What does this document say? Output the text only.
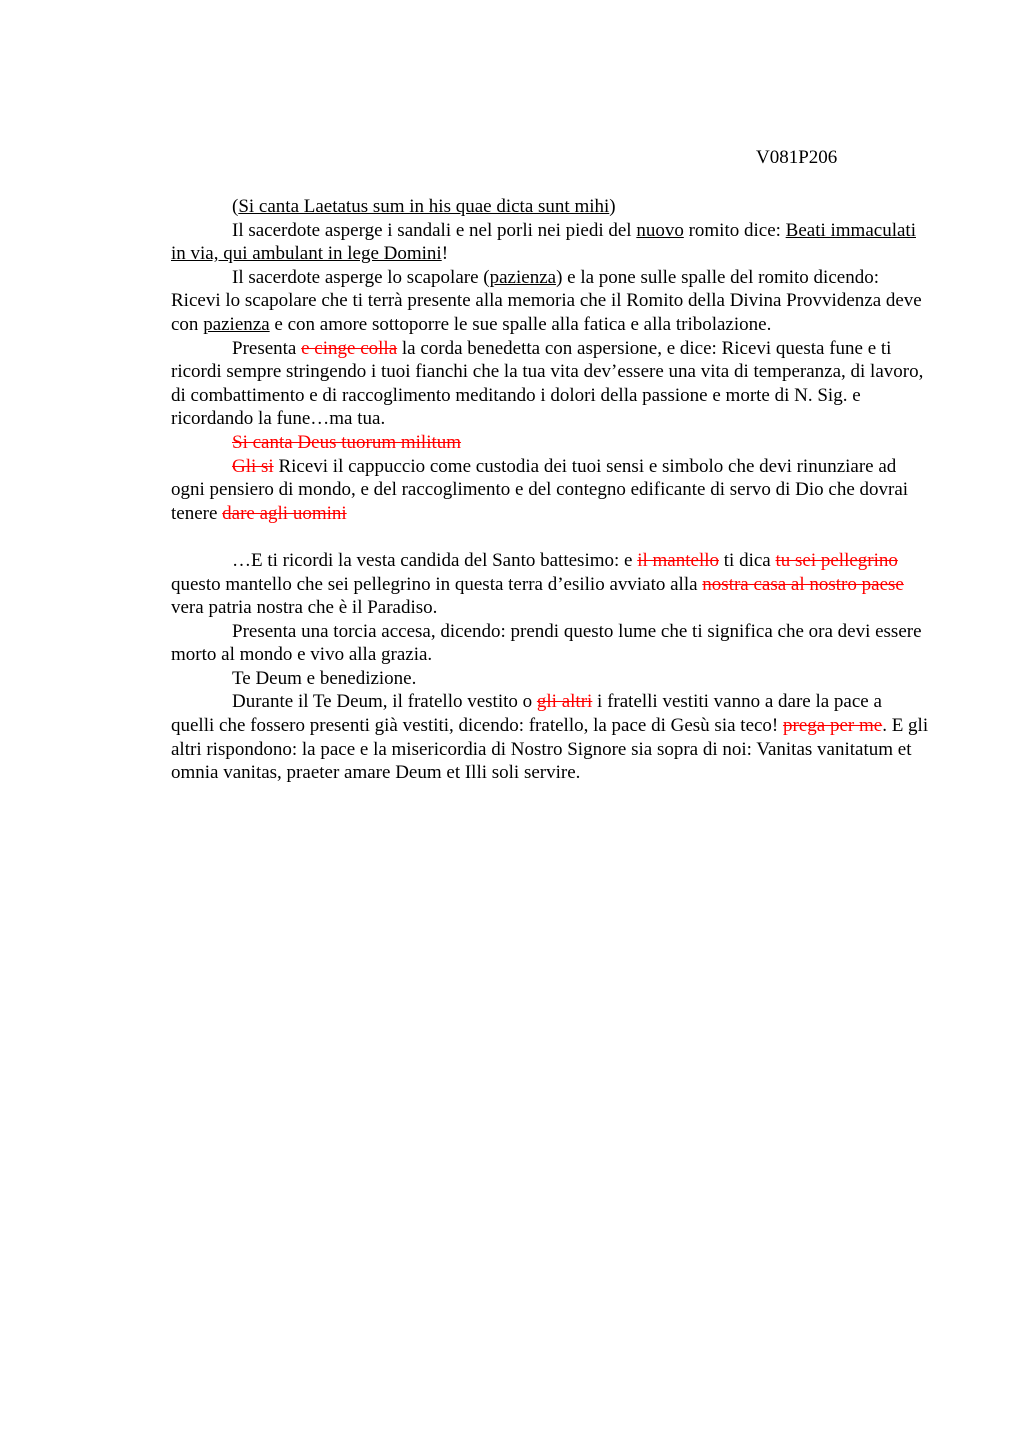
V081P206

(Si canta Laetatus sum in his quae dicta sunt mihi)

Il sacerdote asperge i sandali e nel porli nei piedi del nuovo romito dice: Beati immaculati in via, qui ambulant in lege Domini!

Il sacerdote asperge lo scapolare (pazienza) e la pone sulle spalle del romito dicendo: Ricevi lo scapolare che ti terrà presente alla memoria che il Romito della Divina Provvidenza deve con pazienza e con amore sottoporre le sue spalle alla fatica e alla tribolazione.

Presenta e cinge colla la corda benedetta con aspersione, e dice: Ricevi questa fune e ti ricordi sempre stringendo i tuoi fianchi che la tua vita dev’essere una vita di temperanza, di lavoro, di combattimento e di raccoglimento meditando i dolori della passione e morte di N. Sig. e ricordando la fune…ma tua.

Si canta Deus tuorum militum

Gli si Ricevi il cappuccio come custodia dei tuoi sensi e simbolo che devi rinunziare ad ogni pensiero di mondo, e del raccoglimento e del contegno edificante di servo di Dio che dovrai tenere dare agli uomini

…E ti ricordi la vesta candida del Santo battesimo: e il mantello ti dica tu sei pellegrino questo mantello che sei pellegrino in questa terra d’esilio avviato alla nostra casa al nostro paese vera patria nostra che è il Paradiso.

Presenta una torcia accesa, dicendo: prendi questo lume che ti significa che ora devi essere morto al mondo e vivo alla grazia.

Te Deum e benedizione.

Durante il Te Deum, il fratello vestito o gli altri i fratelli vestiti vanno a dare la pace a quelli che fossero presenti già vestiti, dicendo: fratello, la pace di Gesù sia teco! prega per me. E gli altri rispondono: la pace e la misericordia di Nostro Signore sia sopra di noi: Vanitas vanitatum et omnia vanitas, praeter amare Deum et Illi soli servire.
